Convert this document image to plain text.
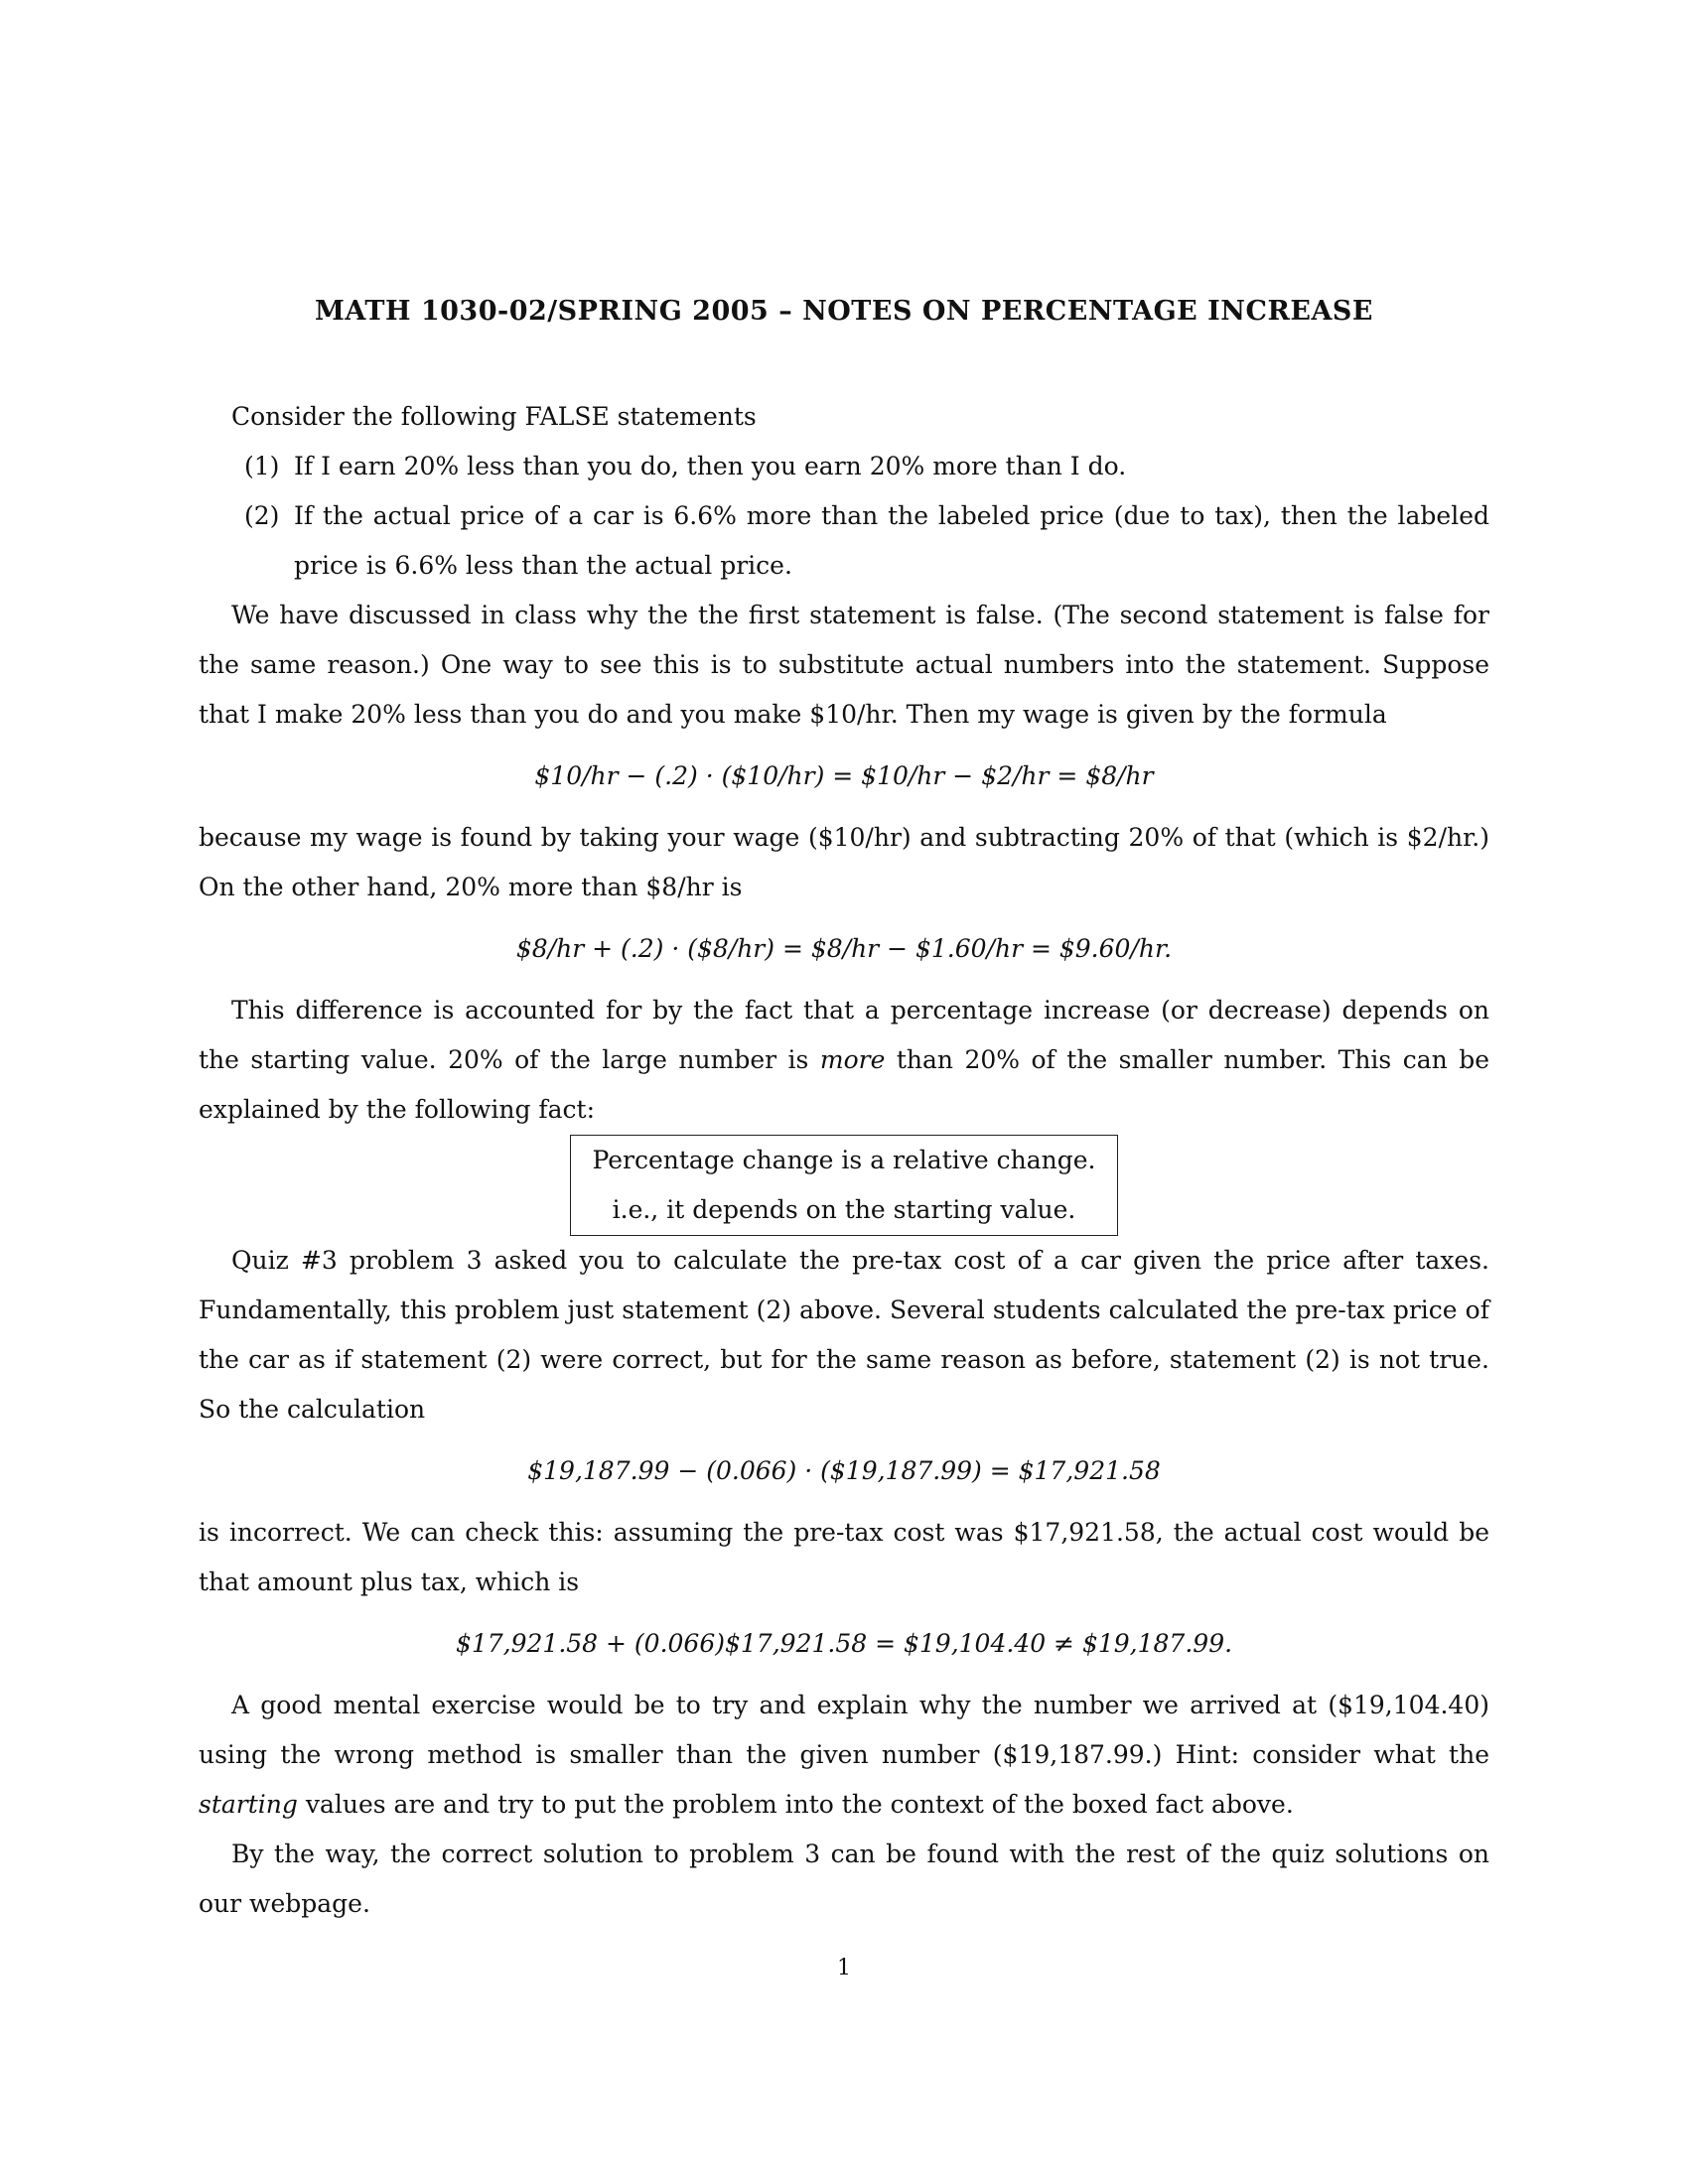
MATH 1030-02/SPRING 2005 – NOTES ON PERCENTAGE INCREASE

Consider the following FALSE statements

(1) If I earn 20% less than you do, then you earn 20% more than I do.
(2) If the actual price of a car is 6.6% more than the labeled price (due to tax), then the labeled price is 6.6% less than the actual price.

We have discussed in class why the the first statement is false. (The second statement is false for the same reason.) One way to see this is to substitute actual numbers into the statement. Suppose that I make 20% less than you do and you make $10/hr. Then my wage is given by the formula

$10/hr − (.2) · ($10/hr) = $10/hr − $2/hr = $8/hr

because my wage is found by taking your wage ($10/hr) and subtracting 20% of that (which is $2/hr.) On the other hand, 20% more than $8/hr is

$8/hr + (.2) · ($8/hr) = $8/hr − $1.60/hr = $9.60/hr.

This difference is accounted for by the fact that a percentage increase (or decrease) depends on the starting value. 20% of the large number is more than 20% of the smaller number. This can be explained by the following fact:

Percentage change is a relative change.
i.e., it depends on the starting value.

Quiz #3 problem 3 asked you to calculate the pre-tax cost of a car given the price after taxes. Fundamentally, this problem just statement (2) above. Several students calculated the pre-tax price of the car as if statement (2) were correct, but for the same reason as before, statement (2) is not true. So the calculation

$19,187.99 − (0.066) · ($19,187.99) = $17,921.58

is incorrect. We can check this: assuming the pre-tax cost was $17,921.58, the actual cost would be that amount plus tax, which is

$17,921.58 + (0.066)$17,921.58 = $19,104.40 ≠ $19,187.99.

A good mental exercise would be to try and explain why the number we arrived at ($19,104.40) using the wrong method is smaller than the given number ($19,187.99.) Hint: consider what the starting values are and try to put the problem into the context of the boxed fact above.

By the way, the correct solution to problem 3 can be found with the rest of the quiz solutions on our webpage.

1
